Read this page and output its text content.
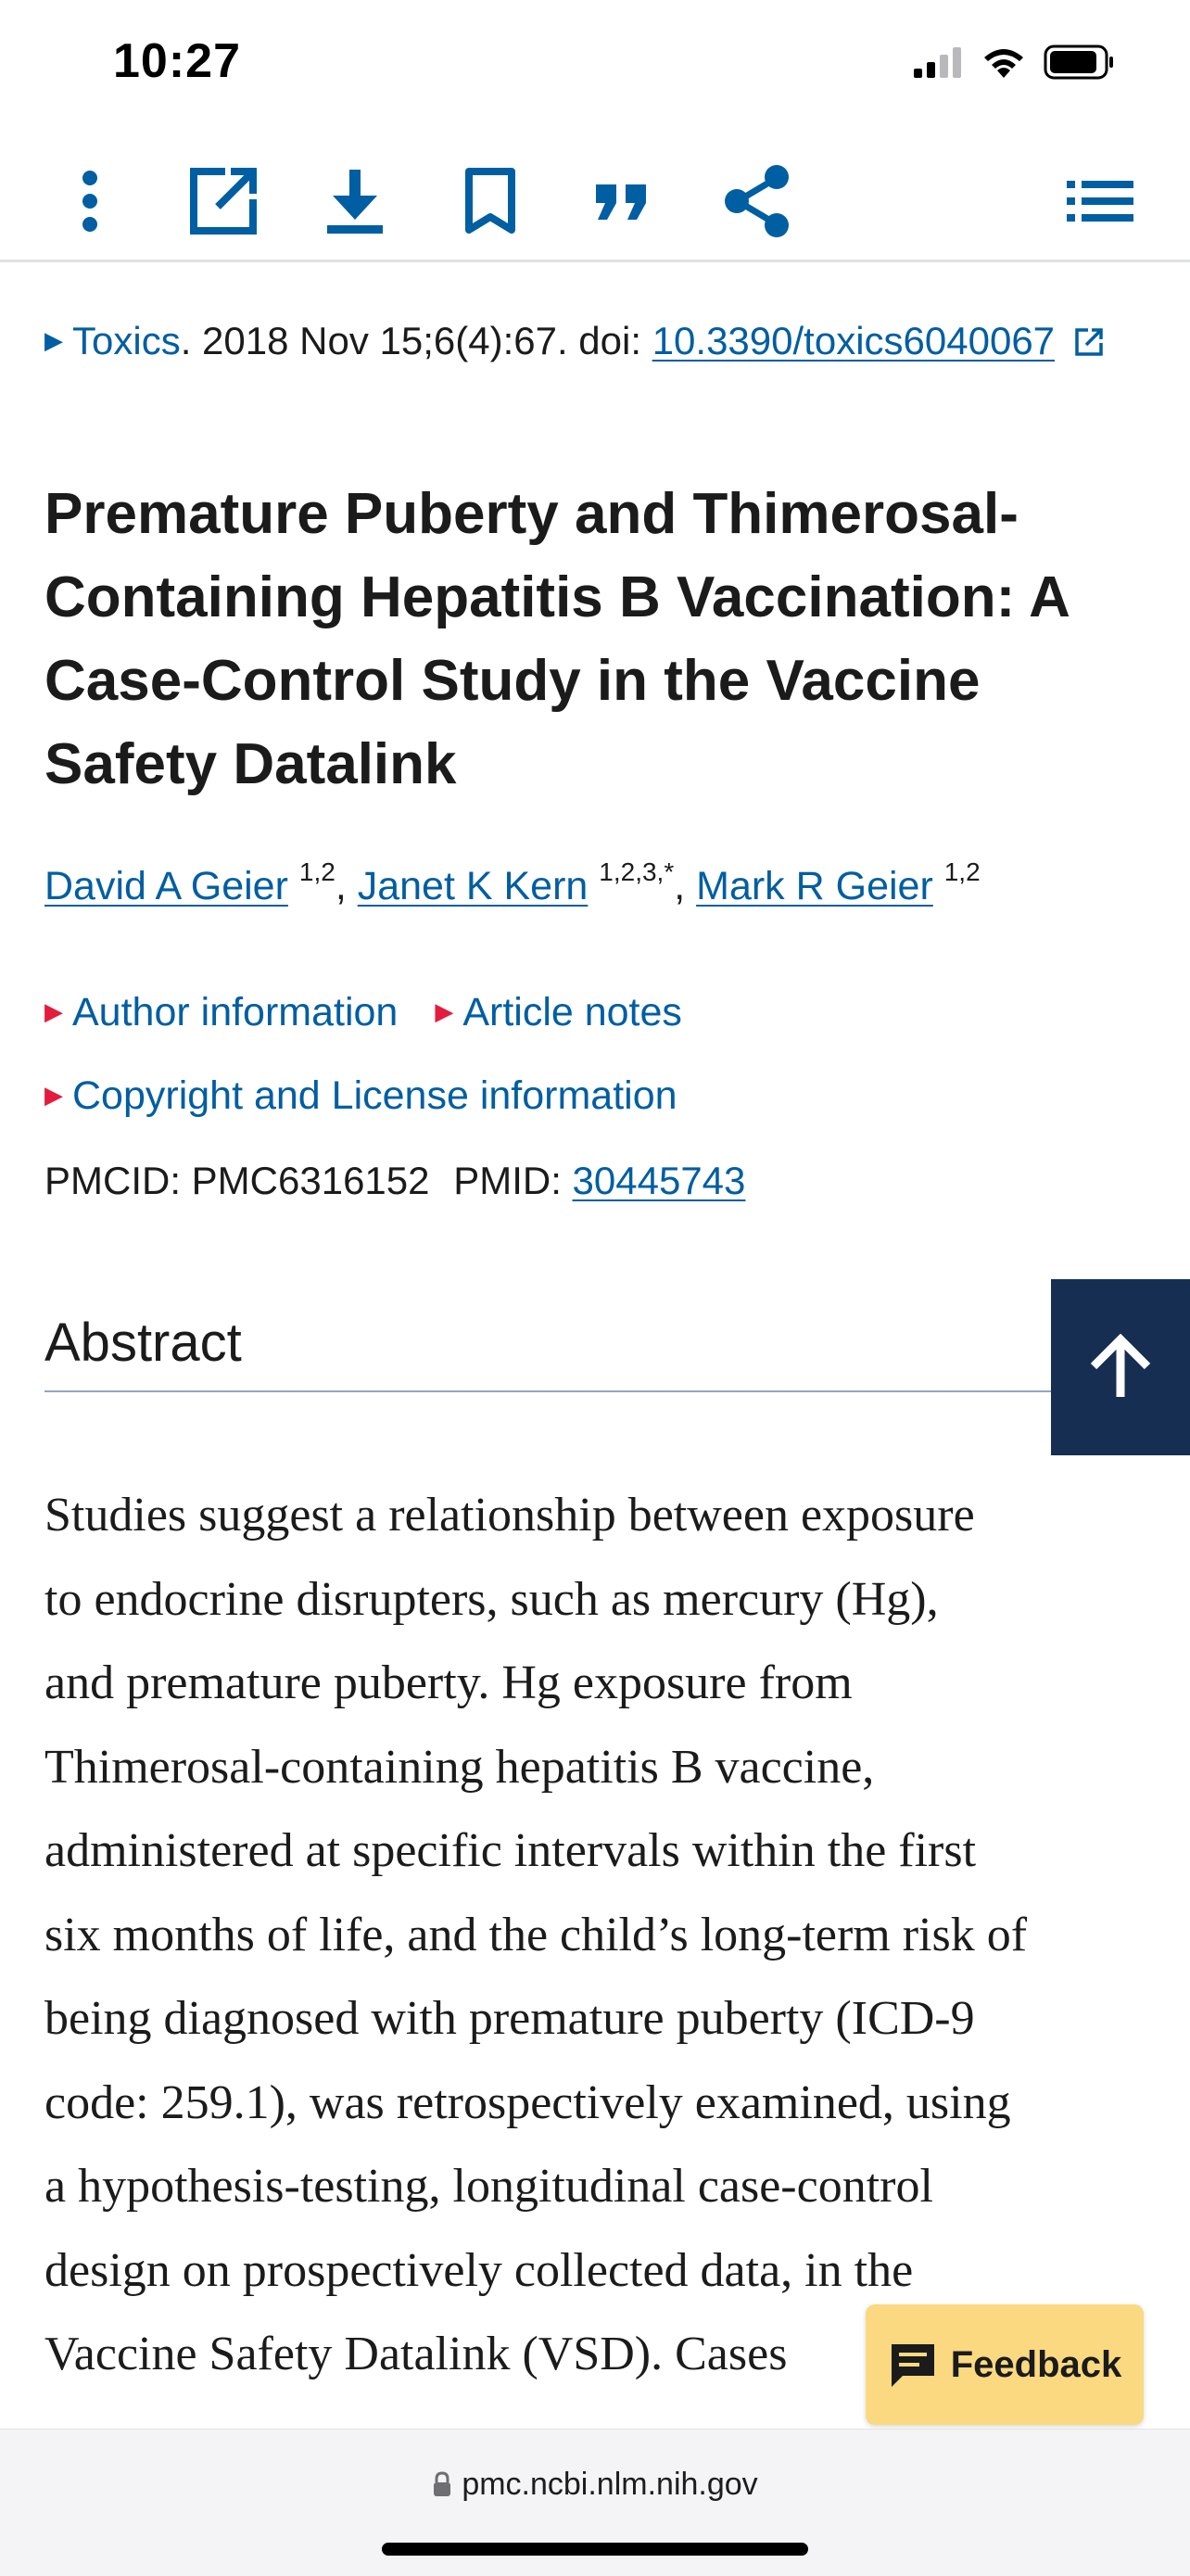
10:27
▶ Toxics. 2018 Nov 15;6(4):67. doi: 10.3390/toxics6040067
Premature Puberty and Thimerosal-Containing Hepatitis B Vaccination: A Case-Control Study in the Vaccine Safety Datalink
David A Geier $^{1,2}$, Janet K Kern $^{1,2,3,*}$, Mark R Geier $^{1,2}$
▶ Author information ▶ Article notes
▶ Copyright and License information
PMCID: PMC6316152 PMID: 30445743
Abstract
Studies suggest a relationship between exposure
to endocrine disrupters, such as mercury (Hg),
and premature puberty. Hg exposure from
Thimerosal-containing hepatitis B vaccine,
administered at specific intervals within the first
six months of life, and the child’s long-term risk of
being diagnosed with premature puberty (ICD-9
code: 259.1), was retrospectively examined, using
a hypothesis-testing, longitudinal case-control
design on prospectively collected data, in the
Vaccine Safety Datalink (VSD). Cases	Feedback
pmc.ncbi.nlm.nih.gov
